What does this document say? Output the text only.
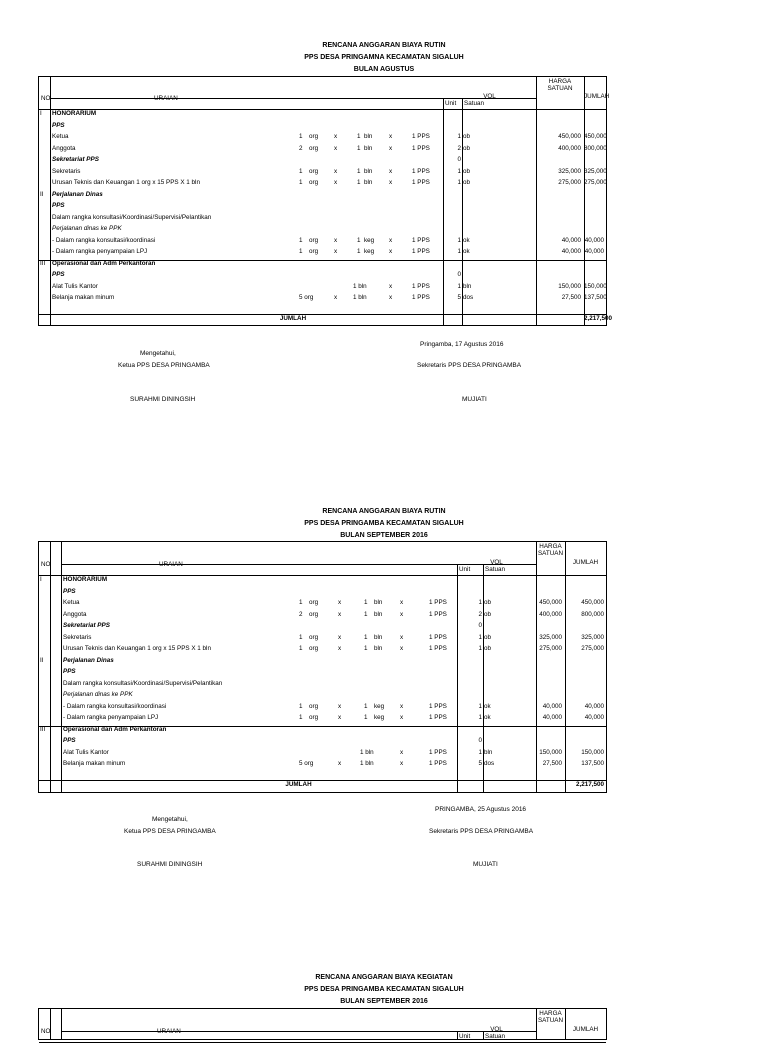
RENCANA ANGGARAN BIAYA RUTIN
PPS DESA PRINGAMNA KECAMATAN SIGALUH
BULAN AGUSTUS
NO	URAIAN	VOL
HARGA
SATUAN
JUMLAH
Unit Satuan
I HONORARIUM
PPS
Ketua	1 org	x	1 bln	x	1 PPS	1 ob	450,000 450,000
Anggota	2 org	x	1 bln	x	1 PPS	2 ob	400,000 800,000
Sekretariat PPS	0
Sekretaris	1 org	x	1 bln	x	1 PPS	1 ob	325,000 325,000
Urusan Teknis dan Keuangan 1 org x 15 PPS X 1 bln	1 org	x	1 bln	x	1 PPS	1 ob	275,000 275,000
II Perjalanan Dinas
PPS
Dalam rangka konsultasi/Koordinasi/Supervisi/Pelantikan
Perjalanan dinas ke PPK
- Dalam rangka konsultasi/koordinasi	1 org	x	1 keg x	1 PPS	1 ok	40,000 40,000
- Dalam rangka penyampaian LPJ	1 org	x	1 keg x	1 PPS	1 ok	40,000 40,000
III Operasional dan Adm Perkantoran
PPS	0
Alat Tulis Kantor	1 bln	x	1 PPS	1 bln	150,000 150,000
Belanja makan minum	5 org	x	1 bln	x	1 PPS	5 dos	27,500 137,500
JUMLAH	2,217,500
Pringamba, 17 Agustus 2016
Mengetahui,
Ketua PPS DESA PRINGAMBA	Sekretaris PPS DESA PRINGAMBA
SURAHMI DININGSIH	MUJIATI
RENCANA ANGGARAN BIAYA RUTIN
PPS DESA PRINGAMBA KECAMATAN SIGALUH
BULAN SEPTEMBER 2016
NO	URAIAN	VOL
HARGA
SATUAN
JUMLAH
Unit Satuan
I	HONORARIUM
PPS
Ketua	1 org	x	1 bln	x	1 PPS	1 ob	450,000	450,000
Anggota	2 org	x	1 bln	x	1 PPS	2 ob	400,000	800,000
Sekretariat PPS	0
Sekretaris	1 org	x	1 bln	x	1 PPS	1 ob	325,000	325,000
Urusan Teknis dan Keuangan 1 org x 15 PPS X 1 bln	1 org	x	1 bln	x	1 PPS	1 ob	275,000	275,000
II	Perjalanan Dinas
PPS
Dalam rangka konsultasi/Koordinasi/Supervisi/Pelantikan
Perjalanan dinas ke PPK
- Dalam rangka konsultasi/koordinasi	1 org	x	1 keg	x	1 PPS	1 ok	40,000	40,000
- Dalam rangka penyampaian LPJ	1 org	x	1 keg	x	1 PPS	1 ok	40,000	40,000
III	Operasional dan Adm Perkantoran
PPS	0
Alat Tulis Kantor	1 bln	x	1 PPS	1 bln	150,000	150,000
Belanja makan minum	5 org	x	1 bln	x	1 PPS	5 dos	27,500	137,500
JUMLAH	2,217,500
PRINGAMBA, 25 Agustus 2016
Mengetahui,
Ketua PPS DESA PRINGAMBA	Sekretaris PPS DESA PRINGAMBA
SURAHMI DININGSIH	MUJIATI
RENCANA ANGGARAN BIAYA KEGIATAN
PPS DESA PRINGAMBA KECAMATAN SIGALUH
BULAN SEPTEMBER 2016
NO	URAIAN	VOL
HARGA
SATUAN
JUMLAH
Unit Satuan
